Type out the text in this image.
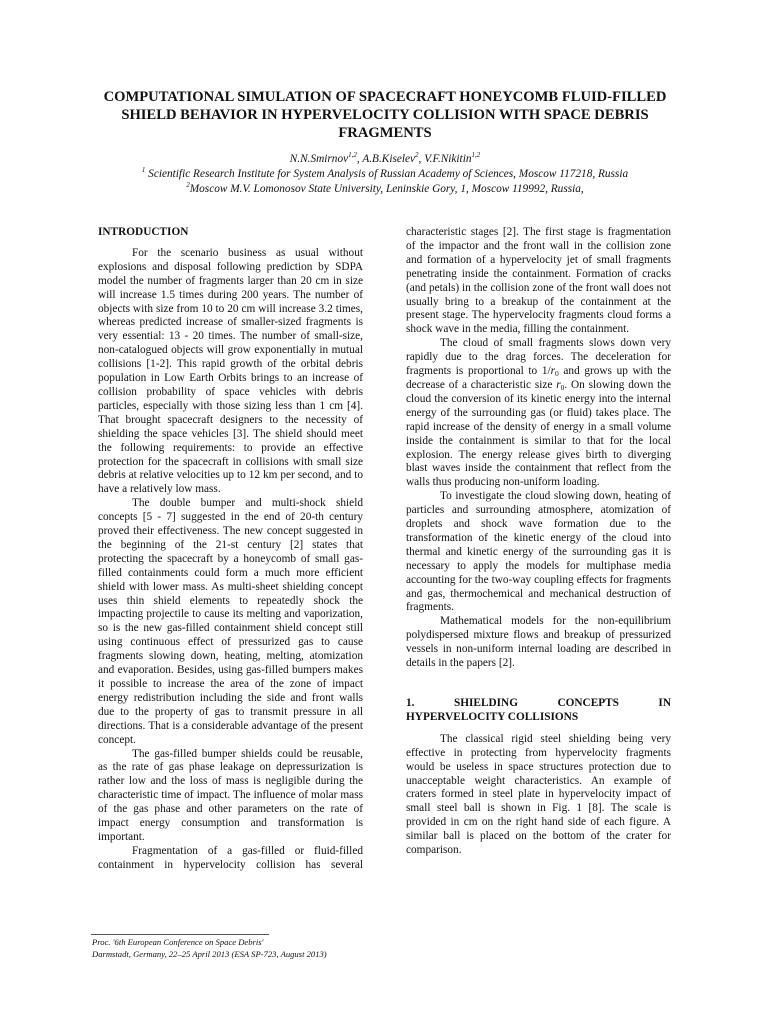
COMPUTATIONAL SIMULATION OF SPACECRAFT HONEYCOMB FLUID-FILLED SHIELD BEHAVIOR IN HYPERVELOCITY COLLISION WITH SPACE DEBRIS FRAGMENTS

N.N.Smirnov$^{1,2}$, A.B.Kiselev$^2$, V.F.Nikitin$^{1,2}$

$^1$ Scientific Research Institute for System Analysis of Russian Academy of Sciences, Moscow 117218, Russia

$^2$Moscow M.V. Lomonosov State University, Leninskie Gory, 1, Moscow 119992, Russia,

INTRODUCTION

For the scenario business as usual without explosions and disposal following prediction by SDPA model the number of fragments larger than 20 cm in size will increase 1.5 times during 200 years. The number of objects with size from 10 to 20 cm will increase 3.2 times, whereas predicted increase of smaller-sized fragments is very essential: 13 - 20 times. The number of small-size, non-catalogued objects will grow exponentially in mutual collisions [1-2]. This rapid growth of the orbital debris population in Low Earth Orbits brings to an increase of collision probability of space vehicles with debris particles, especially with those sizing less than 1 cm [4]. That brought spacecraft designers to the necessity of shielding the space vehicles [3]. The shield should meet the following requirements: to provide an effective protection for the spacecraft in collisions with small size debris at relative velocities up to 12 km per second, and to have a relatively low mass.

The double bumper and multi-shock shield concepts [5 - 7] suggested in the end of 20-th century proved their effectiveness. The new concept suggested in the beginning of the 21-st century [2] states that protecting the spacecraft by a honeycomb of small gas-filled containments could form a much more efficient shield with lower mass. As multi-sheet shielding concept uses thin shield elements to repeatedly shock the impacting projectile to cause its melting and vaporization, so is the new gas-filled containment shield concept still using continuous effect of pressurized gas to cause fragments slowing down, heating, melting, atomization and evaporation. Besides, using gas-filled bumpers makes it possible to increase the area of the zone of impact energy redistribution including the side and front walls due to the property of gas to transmit pressure in all directions. That is a considerable advantage of the present concept.

The gas-filled bumper shields could be reusable, as the rate of gas phase leakage on depressurization is rather low and the loss of mass is negligible during the characteristic time of impact. The influence of molar mass of the gas phase and other parameters on the rate of impact energy consumption and transformation is important.

Fragmentation of a gas-filled or fluid-filled containment in hypervelocity collision has several

characteristic stages [2]. The first stage is fragmentation of the impactor and the front wall in the collision zone and formation of a hypervelocity jet of small fragments penetrating inside the containment. Formation of cracks (and petals) in the collision zone of the front wall does not usually bring to a breakup of the containment at the present stage. The hypervelocity fragments cloud forms a shock wave in the media, filling the containment.

The cloud of small fragments slows down very rapidly due to the drag forces. The deceleration for fragments is proportional to $1/r_0$ and grows up with the decrease of a characteristic size $r_0$. On slowing down the cloud the conversion of its kinetic energy into the internal energy of the surrounding gas (or fluid) takes place. The rapid increase of the density of energy in a small volume inside the containment is similar to that for the local explosion. The energy release gives birth to diverging blast waves inside the containment that reflect from the walls thus producing non-uniform loading.

To investigate the cloud slowing down, heating of particles and surrounding atmosphere, atomization of droplets and shock wave formation due to the transformation of the kinetic energy of the cloud into thermal and kinetic energy of the surrounding gas it is necessary to apply the models for multiphase media accounting for the two-way coupling effects for fragments and gas, thermochemical and mechanical destruction of fragments.

Mathematical models for the non-equilibrium polydispersed mixture flows and breakup of pressurized vessels in non-uniform internal loading are described in details in the papers [2].

1. SHIELDING CONCEPTS IN

HYPERVELOCITY COLLISIONS

The classical rigid steel shielding being very effective in protecting from hypervelocity fragments would be useless in space structures protection due to unacceptable weight characteristics. An example of craters formed in steel plate in hypervelocity impact of small steel ball is shown in Fig. 1 [8]. The scale is provided in cm on the right hand side of each figure. A similar ball is placed on the bottom of the crater for comparison.

Proc. '6th European Conference on Space Debris'

Darmstadt, Germany, 22–25 April 2013 (ESA SP-723, August 2013)
